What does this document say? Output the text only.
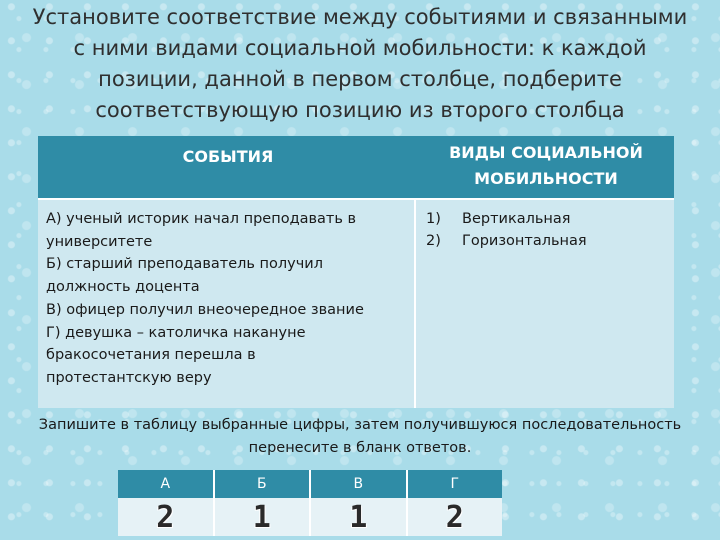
Установите соответствие между событиями и связанными
с ними видами социальной мобильности: к каждой
позиции, данной в первом столбце, подберите
соответствующую позицию из второго столбца
СОБЫТИЯ	ВИДЫ СОЦИАЛЬНОЙ
МОБИЛЬНОСТИ
А) ученый историк начал преподавать в
университете
Б) старший преподаватель получил
должность доцента
В) офицер получил внеочередное звание
Г) девушка – католичка накануне
бракосочетания перешла в
протестантскую веру
1)	Вертикальная
2)	Горизонтальная
Запишите в таблицу выбранные цифры, затем получившуюся последовательность
перенесите в бланк ответов.
А	Б	В	Г
2	1	1	2
